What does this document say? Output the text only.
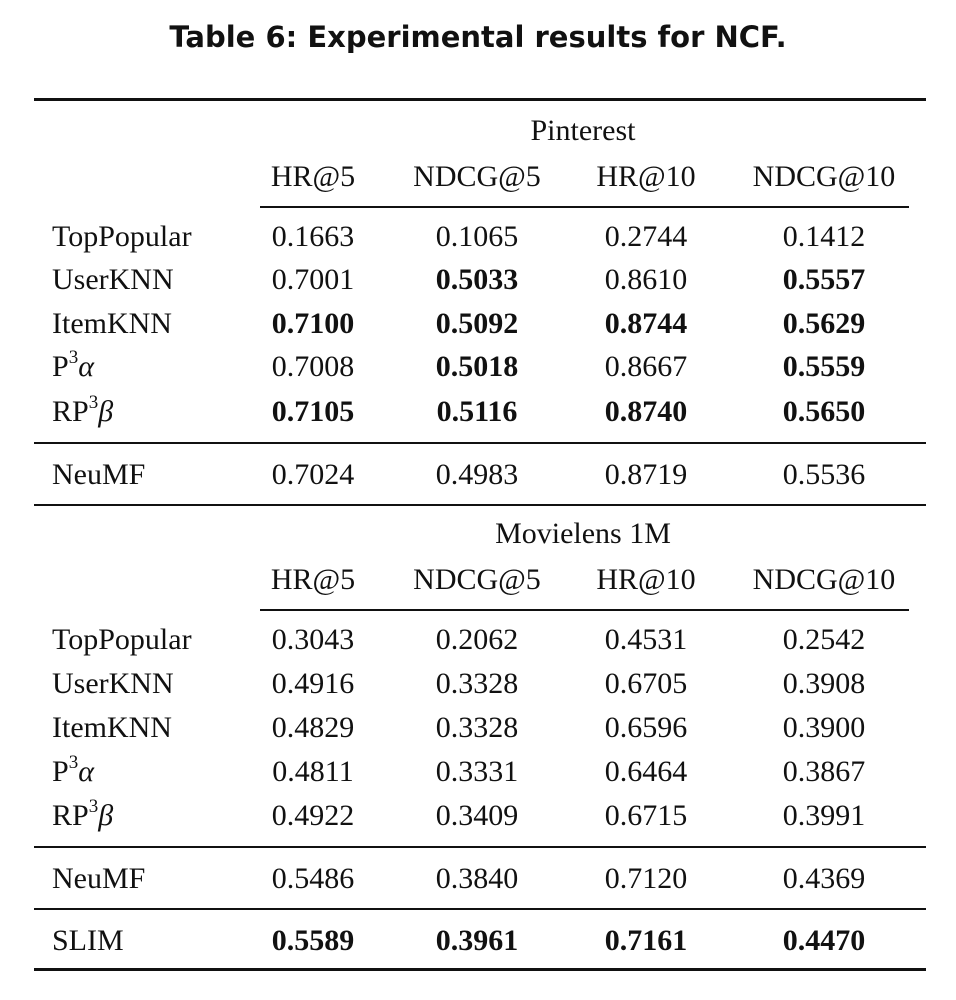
Table 6: Experimental results for NCF.
Pinterest
HR@5 NDCG@5 HR@10 NDCG@10
TopPopular	0.1663	0.1065	0.2744	0.1412
UserKNN	0.7001	0.5033	0.8610	0.5557
ItemKNN	0.7100	0.5092	0.8744	0.5629
$P^3\alpha$	0.7008	0.5018	0.8667	0.5559
$RP^3\beta$	0.7105	0.5116	0.8740	0.5650
NeuMF	0.7024	0.4983	0.8719	0.5536
Movielens 1M
HR@5 NDCG@5 HR@10 NDCG@10
TopPopular	0.3043	0.2062	0.4531	0.2542
UserKNN	0.4916	0.3328	0.6705	0.3908
ItemKNN	0.4829	0.3328	0.6596	0.3900
$P^3\alpha$	0.4811	0.3331	0.6464	0.3867
$RP^3\beta$	0.4922	0.3409	0.6715	0.3991
NeuMF	0.5486	0.3840	0.7120	0.4369
SLIM	0.5589	0.3961	0.7161	0.4470
